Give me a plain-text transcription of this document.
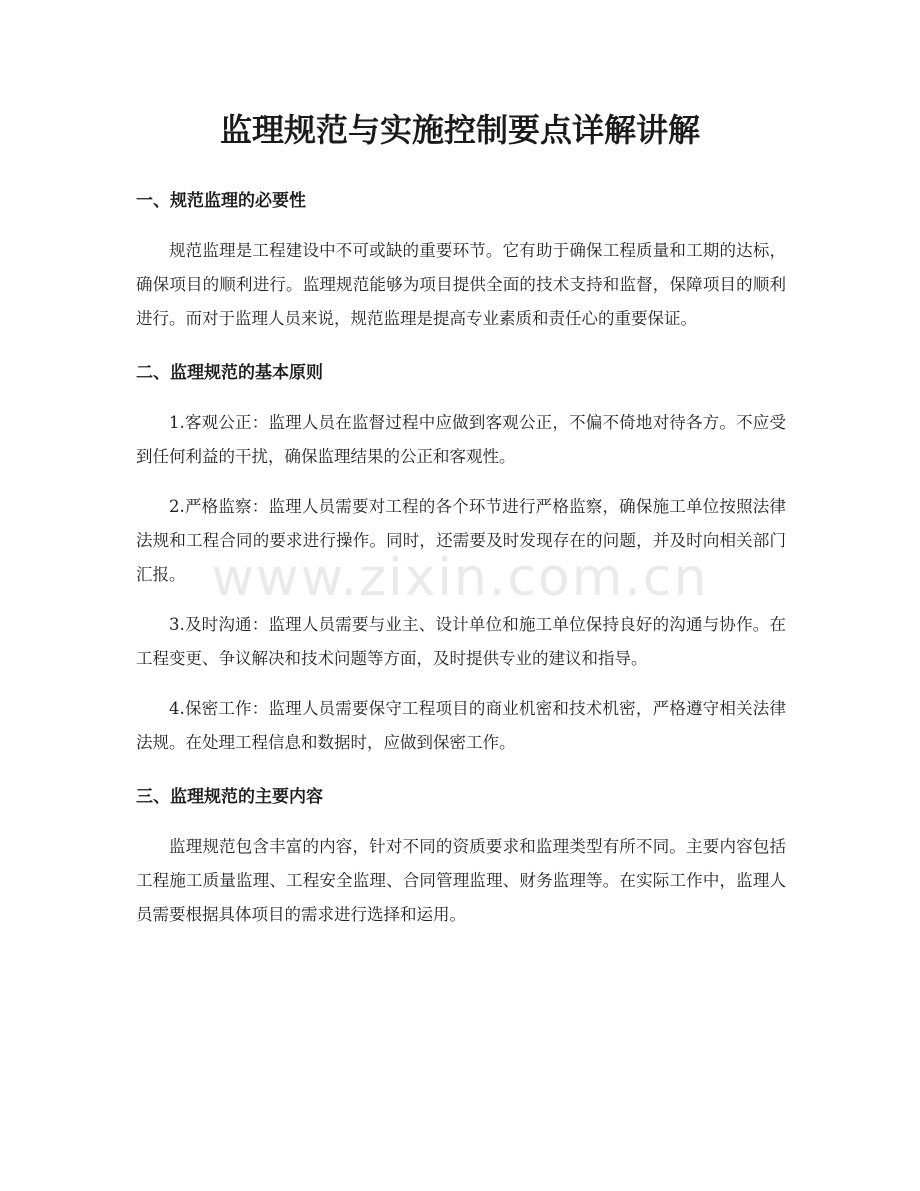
监理规范与实施控制要点详解讲解
一、规范监理的必要性

规范监理是工程建设中不可或缺的重要环节。它有助于确保工程质量和工期的达标，确保项目的顺利进行。监理规范能够为项目提供全面的技术支持和监督，保障项目的顺利进行。而对于监理人员来说，规范监理是提高专业素质和责任心的重要保证。

二、监理规范的基本原则

1.客观公正：监理人员在监督过程中应做到客观公正，不偏不倚地对待各方。不应受到任何利益的干扰，确保监理结果的公正和客观性。

2.严格监察：监理人员需要对工程的各个环节进行严格监察，确保施工单位按照法律法规和工程合同的要求进行操作。同时，还需要及时发现存在的问题，并及时向相关部门汇报。

3.及时沟通：监理人员需要与业主、设计单位和施工单位保持良好的沟通与协作。在工程变更、争议解决和技术问题等方面，及时提供专业的建议和指导。

4.保密工作：监理人员需要保守工程项目的商业机密和技术机密，严格遵守相关法律法规。在处理工程信息和数据时，应做到保密工作。

三、监理规范的主要内容

监理规范包含丰富的内容，针对不同的资质要求和监理类型有所不同。主要内容包括工程施工质量监理、工程安全监理、合同管理监理、财务监理等。在实际工作中，监理人员需要根据具体项目的需求进行选择和运用。

www.zixin.com.cn
